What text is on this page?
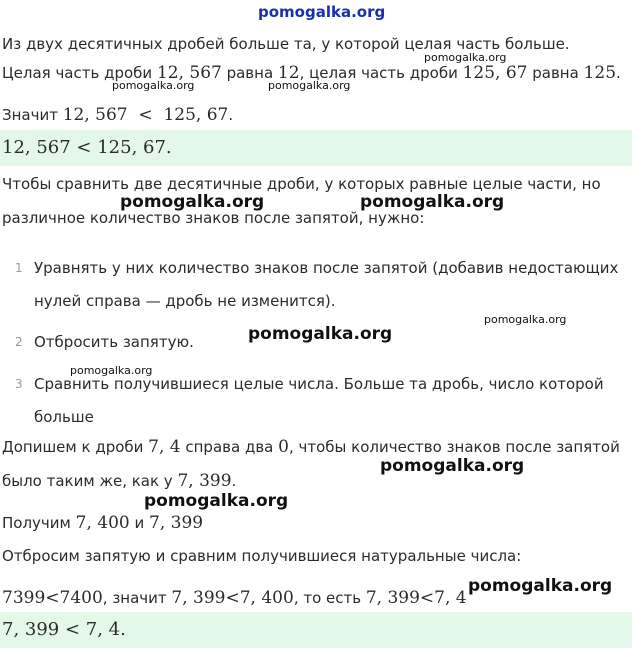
12, 567 < 125, 67.
7, 399 < 7, 4.
Из двух десятичных дробей больше та, у которой целая часть больше.
Целая часть дроби 12, 567 равна 12, целая часть дроби 125, 67 равна 125.
Значит 12, 567  <  125, 67.
Чтобы сравнить две десятичные дроби, у которых равные целые части, но
различное количество знаков после запятой, нужно:
1 Уравнять у них количество знаков после запятой (добавив недостающих
нулей справа — дробь не изменится).
2 Отбросить запятую.
3 Сравнить получившиеся целые числа. Больше та дробь, число которой
больше
Допишем к дроби 7, 4 справа два 0, чтобы количество знаков после запятой
было таким же, как у 7, 399.
Получим 7, 400 и 7, 399
Отбросим запятую и сравним получившиеся натуральные числа:
7399<7400, значит 7, 399<7, 400, то есть 7, 399<7, 4
pomogalka.org
pomogalka.org
pomogalka.org	pomogalka.org
pomogalka.org	pomogalka.org
pomogalka.org
pomogalka.org
pomogalka.org
pomogalka.org
pomogalka.org
pomogalka.org
